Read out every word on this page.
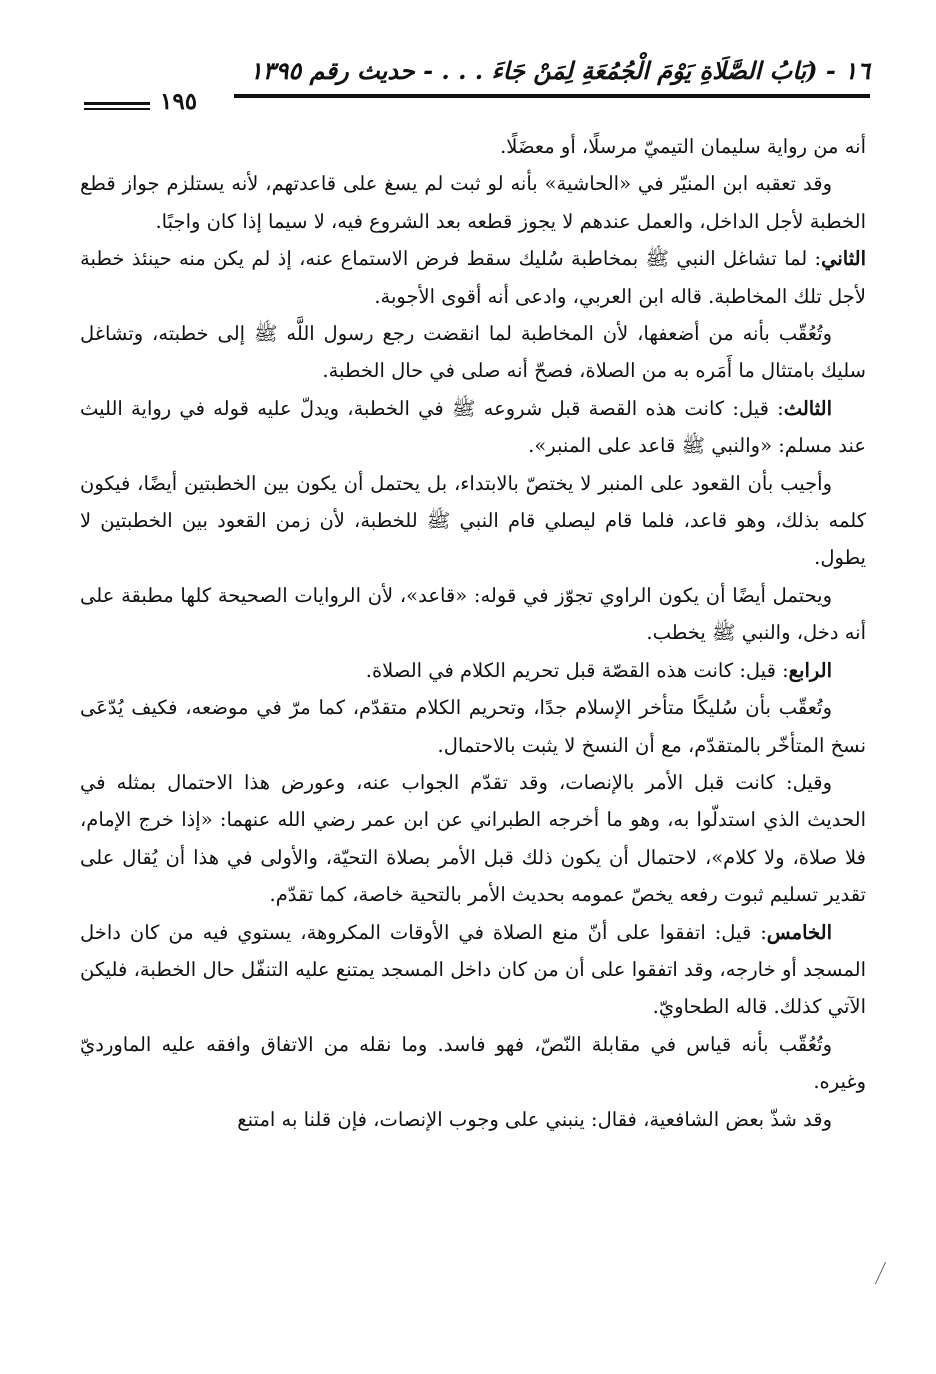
١٦ - (بَابُ الصَّلَاةِ يَوْمَ الْجُمُعَةِ لِمَنْ جَاءَ . . . - حديث رقم ١٣٩٥
١٩٥

أنه من رواية سليمان التيميّ مرسلًا، أو معضَلًا.

وقد تعقبه ابن المنيّر في «الحاشية» بأنه لو ثبت لم يسغ على قاعدتهم، لأنه يستلزم جواز قطع الخطبة لأجل الداخل، والعمل عندهم لا يجوز قطعه بعد الشروع فيه، لا سيما إذا كان واجبًا.

الثاني: لما تشاغل النبي ﷺ بمخاطبة سُليك سقط فرض الاستماع عنه، إذ لم يكن منه حينئذ خطبة لأجل تلك المخاطبة. قاله ابن العربي، وادعى أنه أقوى الأجوبة.

وتُعُقّب بأنه من أضعفها، لأن المخاطبة لما انقضت رجع رسول اللَّه ﷺ إلى خطبته، وتشاغل سليك بامتثال ما أَمَره به من الصلاة، فصحّ أنه صلى في حال الخطبة.

الثالث: قيل: كانت هذه القصة قبل شروعه ﷺ في الخطبة، ويدلّ عليه قوله في رواية الليث عند مسلم: «والنبي ﷺ قاعد على المنبر».

وأجيب بأن القعود على المنبر لا يختصّ بالابتداء، بل يحتمل أن يكون بين الخطبتين أيضًا، فيكون كلمه بذلك، وهو قاعد، فلما قام ليصلي قام النبي ﷺ للخطبة، لأن زمن القعود بين الخطبتين لا يطول.

ويحتمل أيضًا أن يكون الراوي تجوّز في قوله: «قاعد»، لأن الروايات الصحيحة كلها مطبقة على أنه دخل، والنبي ﷺ يخطب.

الرابع: قيل: كانت هذه القصّة قبل تحريم الكلام في الصلاة.

وتُعقّب بأن سُليكًا متأخر الإسلام جدًا، وتحريم الكلام متقدّم، كما مرّ في موضعه، فكيف يُدّعَى نسخ المتأخّر بالمتقدّم، مع أن النسخ لا يثبت بالاحتمال.

وقيل: كانت قبل الأمر بالإنصات، وقد تقدّم الجواب عنه، وعورض هذا الاحتمال بمثله في الحديث الذي استدلّوا به، وهو ما أخرجه الطبراني عن ابن عمر رضي الله عنهما: «إذا خرج الإمام، فلا صلاة، ولا كلام»، لاحتمال أن يكون ذلك قبل الأمر بصلاة التحيّة، والأولى في هذا أن يُقال على تقدير تسليم ثبوت رفعه يخصّ عمومه بحديث الأمر بالتحية خاصة، كما تقدّم.

الخامس: قيل: اتفقوا على أنّ منع الصلاة في الأوقات المكروهة، يستوي فيه من كان داخل المسجد أو خارجه، وقد اتفقوا على أن من كان داخل المسجد يمتنع عليه التنفّل حال الخطبة، فليكن الآتي كذلك. قاله الطحاويّ.

وتُعُقّب بأنه قياس في مقابلة النّصّ، فهو فاسد. وما نقله من الاتفاق وافقه عليه الماورديّ وغيره.

وقد شذّ بعض الشافعية، فقال: ينبني على وجوب الإنصات، فإن قلنا به امتنع
